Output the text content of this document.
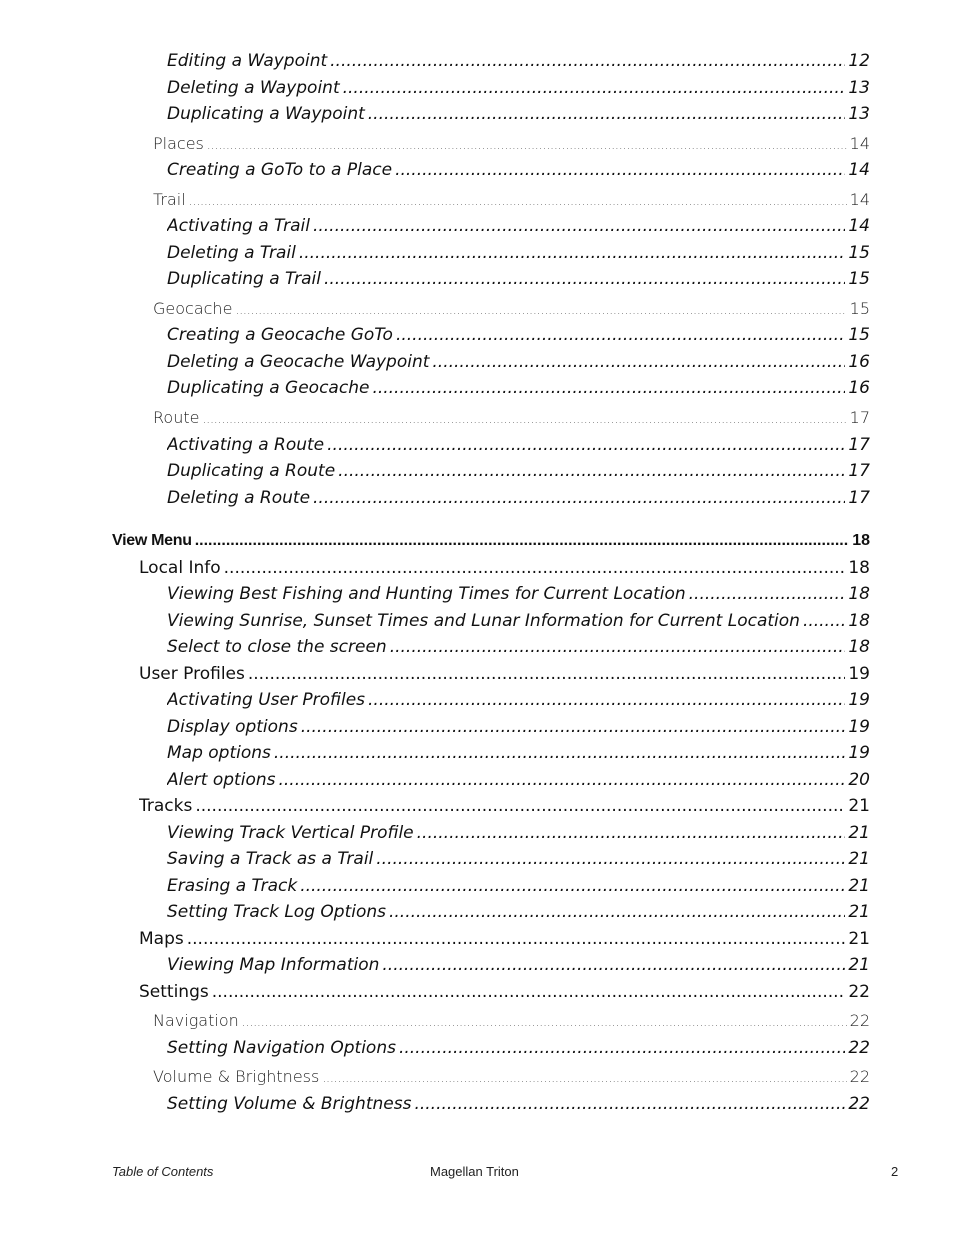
Editing a Waypoint .....	12
Deleting a Waypoint .....	13
Duplicating a Waypoint .....	13
Places .....	14
Creating a GoTo to a Place .....	14
Trail .....	14
Activating a Trail .....	14
Deleting a Trail .....	15
Duplicating a Trail .....	15
Geocache .....	15
Creating a Geocache GoTo .....	15
Deleting a Geocache Waypoint .....	16
Duplicating a Geocache .....	16
Route .....	17
Activating a Route .....	17
Duplicating a Route .....	17
Deleting a Route .....	17
View Menu .....	18
Local Info .....	18
Viewing Best Fishing and Hunting Times for Current Location .....	18
Viewing Sunrise, Sunset Times and Lunar Information for Current Location .....	18
Select to close the screen .....	18
User Profiles .....	19
Activating User Profiles .....	19
Display options .....	19
Map options .....	19
Alert options .....	20
Tracks .....	21
Viewing Track Vertical Profile .....	21
Saving a Track as a Trail .....	21
Erasing a Track .....	21
Setting Track Log Options .....	21
Maps .....	21
Viewing Map Information .....	21
Settings .....	22
Navigation .....	22
Setting Navigation Options .....	22
Volume & Brightness .....	22
Setting Volume & Brightness .....	22
Table of Contents	Magellan Triton	2
